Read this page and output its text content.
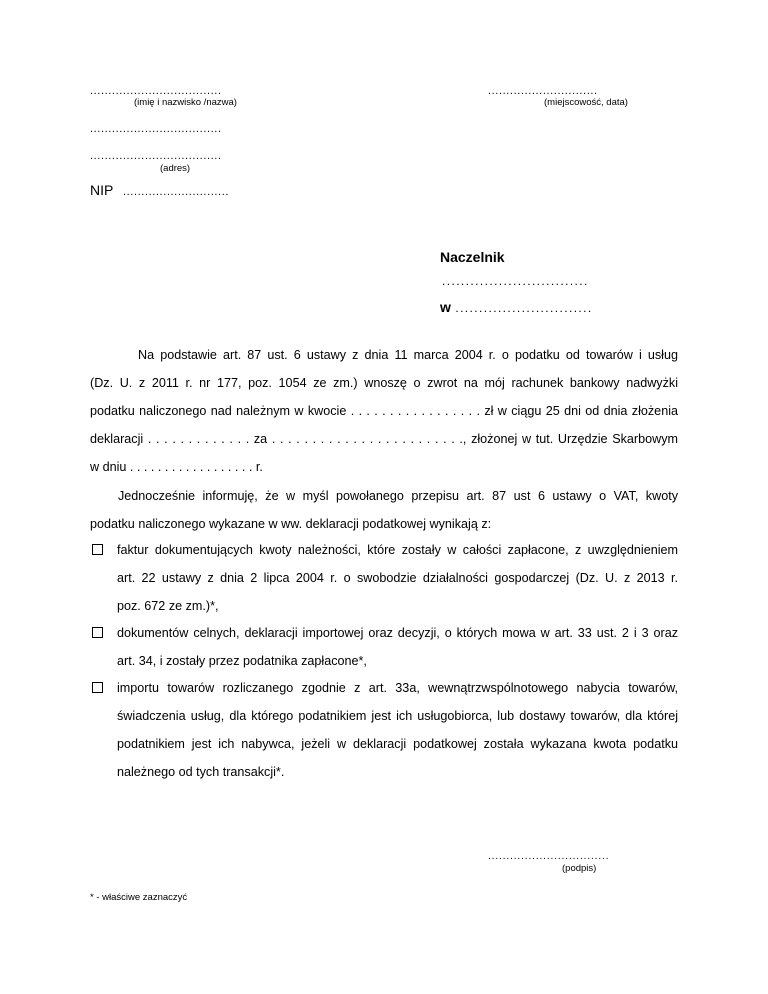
....................................
(imię i nazwisko /nazwa)
..............................
(miejscowość, data)
....................................
....................................
(adres)
NIP .............................
Naczelnik
...............................
w .............................
Na podstawie art. 87 ust. 6 ustawy z dnia 11 marca 2004 r. o podatku od towarów i usług
(Dz. U. z 2011 r. nr 177, poz. 1054 ze zm.) wnoszę o zwrot na mój rachunek bankowy nadwyżki
podatku naliczonego nad należnym w kwocie . . . . . . . . . . . . . . . . . zł w ciągu 25 dni od dnia złożenia
deklaracji . . . . . . . . . . . . . za . . . . . . . . . . . . . . . . . . . . . . . ., złożonej w tut. Urzędzie Skarbowym
w dniu . . . . . . . . . . . . . . . . . . r.
Jednocześnie informuję, że w myśl powołanego przepisu art. 87 ust 6 ustawy o VAT, kwoty
podatku naliczonego wykazane w ww. deklaracji podatkowej wynikają z:
faktur dokumentujących kwoty należności, które zostały w całości zapłacone, z uwzględnieniem
art. 22 ustawy z dnia 2 lipca 2004 r. o swobodzie działalności gospodarczej (Dz. U. z 2013 r.
poz. 672 ze zm.)*,
dokumentów celnych, deklaracji importowej oraz decyzji, o których mowa w art. 33 ust. 2 i 3 oraz
art. 34, i zostały przez podatnika zapłacone*,
importu towarów rozliczanego zgodnie z art. 33a, wewnątrzwspólnotowego nabycia towarów,
świadczenia usług, dla którego podatnikiem jest ich usługobiorca, lub dostawy towarów, dla której
podatnikiem jest ich nabywca, jeżeli w deklaracji podatkowej została wykazana kwota podatku
należnego od tych transakcji*.
.................................
(podpis)
* - właściwe zaznaczyć
